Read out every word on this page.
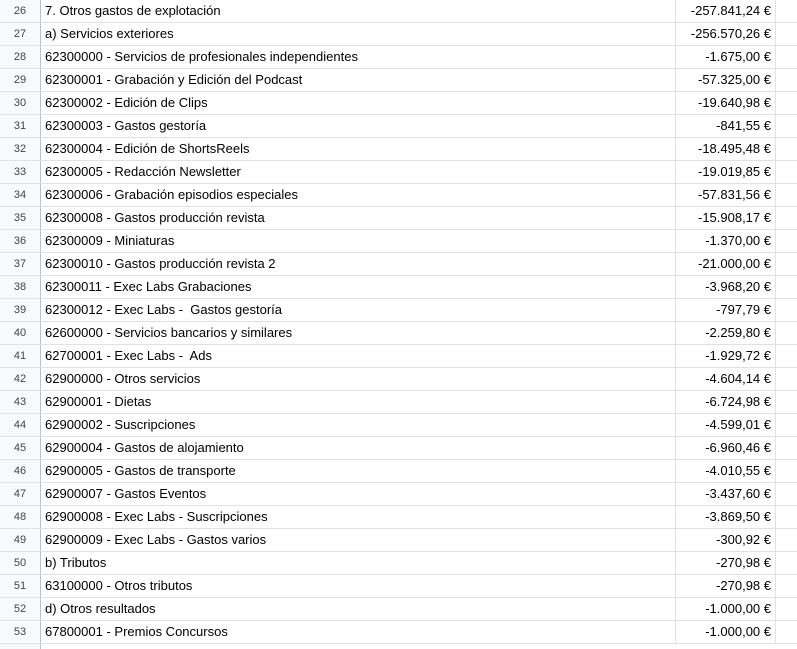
26	7. Otros gastos de explotación	-257.841,24 €
27	a) Servicios exteriores	-256.570,26 €
28	62300000 - Servicios de profesionales independientes	-1.675,00 €
29	62300001 - Grabación y Edición del Podcast	-57.325,00 €
30	62300002 - Edición de Clips	-19.640,98 €
31	62300003 - Gastos gestoría	-841,55 €
32	62300004 - Edición de ShortsReels	-18.495,48 €
33	62300005 - Redacción Newsletter	-19.019,85 €
34	62300006 - Grabación episodios especiales	-57.831,56 €
35	62300008 - Gastos producción revista	-15.908,17 €
36	62300009 - Miniaturas	-1.370,00 €
37	62300010 - Gastos producción revista 2	-21.000,00 €
38	62300011 - Exec Labs Grabaciones	-3.968,20 €
39	62300012 - Exec Labs -  Gastos gestoría	-797,79 €
40	62600000 - Servicios bancarios y similares	-2.259,80 €
41	62700001 - Exec Labs -  Ads	-1.929,72 €
42	62900000 - Otros servicios	-4.604,14 €
43	62900001 - Dietas	-6.724,98 €
44	62900002 - Suscripciones	-4.599,01 €
45	62900004 - Gastos de alojamiento	-6.960,46 €
46	62900005 - Gastos de transporte	-4.010,55 €
47	62900007 - Gastos Eventos	-3.437,60 €
48	62900008 - Exec Labs - Suscripciones	-3.869,50 €
49	62900009 - Exec Labs - Gastos varios	-300,92 €
50	b) Tributos	-270,98 €
51	63100000 - Otros tributos	-270,98 €
52	d) Otros resultados	-1.000,00 €
53	67800001 - Premios Concursos	-1.000,00 €
